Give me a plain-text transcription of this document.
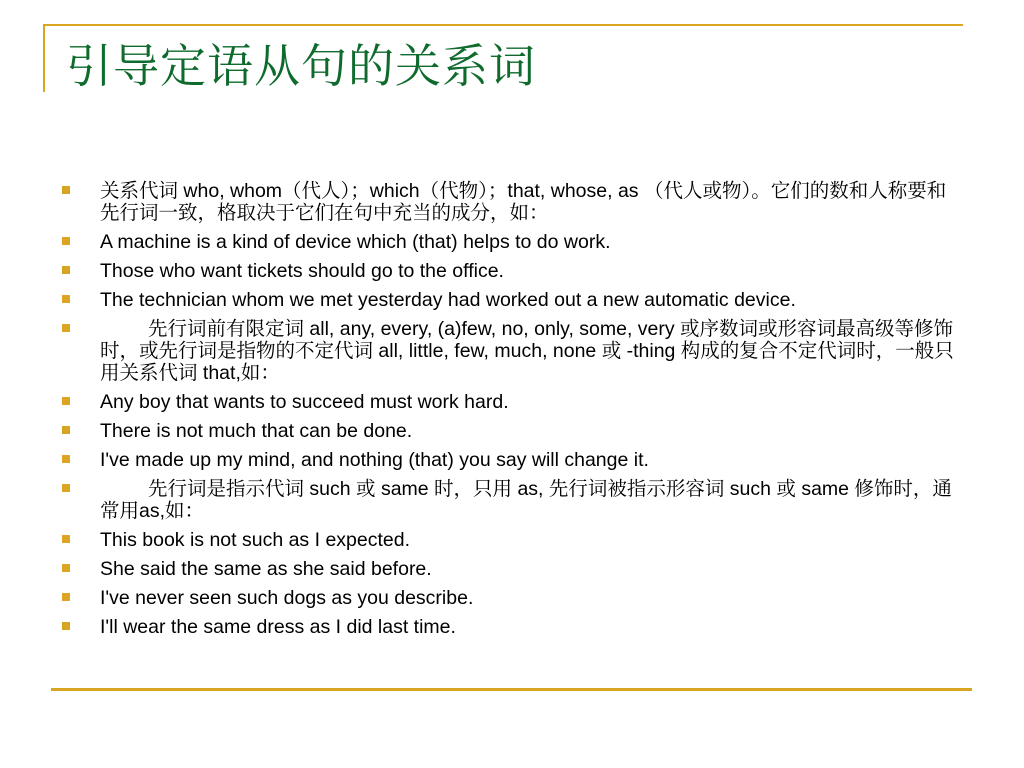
引导定语从句的关系词
关系代词 who, whom（代人）；which（代物）；that, whose, as （代人或物）。它们的数和人称要和先行词一致，格取决于它们在句中充当的成分，如：
A machine is a kind of device which (that) helps to do work.
Those who want tickets should go to the office.
The technician whom we met yesterday had worked out a new automatic device.
先行词前有限定词 all, any, every, (a)few, no, only, some, very 或序数词或形容词最高级等修饰时，或先行词是指物的不定代词 all, little, few, much, none 或 -thing 构成的复合不定代词时，一般只用关系代词 that,如：
Any boy that wants to succeed must work hard.
There is not much that can be done.
I've made up my mind, and nothing (that) you say will change it.
先行词是指示代词 such 或 same 时，只用 as, 先行词被指示形容词 such 或 same 修饰时，通常用as,如：
This book is not such as I expected.
She said the same as she said before.
I've never seen such dogs as you describe.
I'll wear the same dress as I did last time.
